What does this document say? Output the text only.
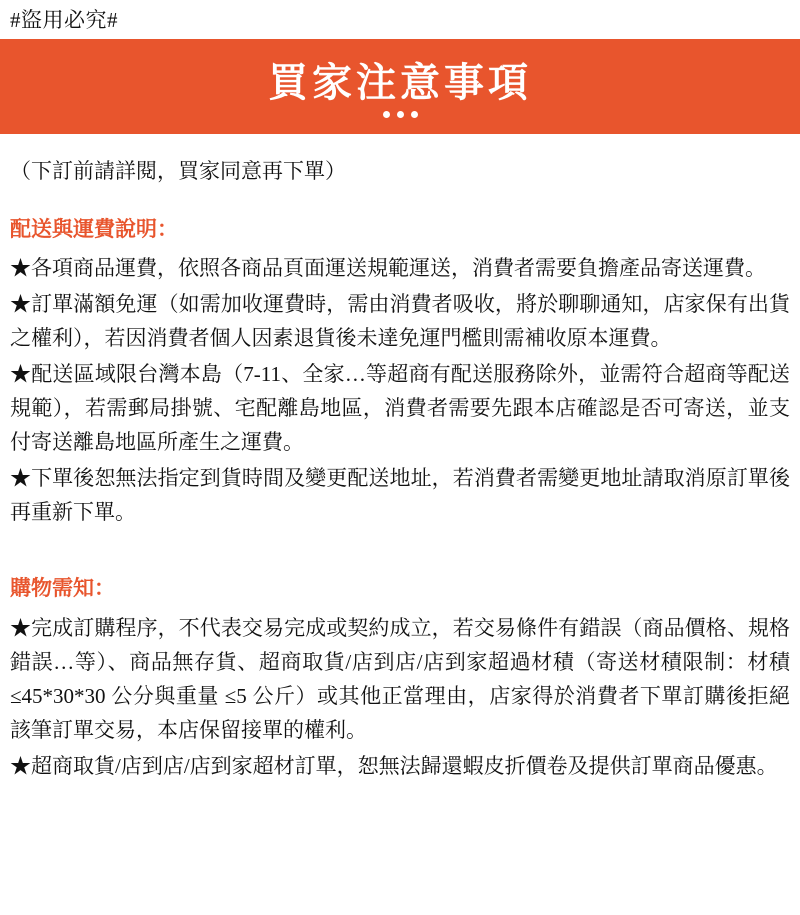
#盜用必究#
買家注意事項

（下訂前請詳閱，買家同意再下單）

配送與運費說明：

★各項商品運費，依照各商品頁面運送規範運送，消費者需要負擔產品寄送運費。

★訂單滿額免運（如需加收運費時，需由消費者吸收，將於聊聊通知，店家保有出貨之權利），若因消費者個人因素退貨後未達免運門檻則需補收原本運費。

★配送區域限台灣本島（7-11、全家…等超商有配送服務除外，並需符合超商等配送規範），若需郵局掛號、宅配離島地區，消費者需要先跟本店確認是否可寄送，並支付寄送離島地區所產生之運費。

★下單後恕無法指定到貨時間及變更配送地址，若消費者需變更地址請取消原訂單後再重新下單。

購物需知：

★完成訂購程序，不代表交易完成或契約成立，若交易條件有錯誤（商品價格、規格錯誤…等）、商品無存貨、超商取貨/店到店/店到家超過材積（寄送材積限制：材積 ≤45*30*30 公分與重量 ≤5 公斤）或其他正當理由，店家得於消費者下單訂購後拒絕該筆訂單交易，本店保留接單的權利。

★超商取貨/店到店/店到家超材訂單，恕無法歸還蝦皮折價卷及提供訂單商品優惠。
